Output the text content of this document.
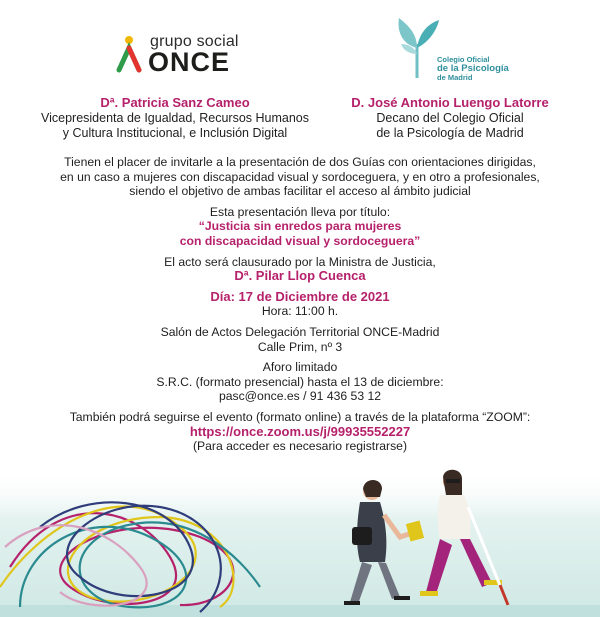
grupo social
ONCE	Colegio Oficial
de la Psicología
de Madrid
Dª. Patricia Sanz Cameo
Vicepresidenta de Igualdad, Recursos Humanos
y Cultura Institucional, e Inclusión Digital
D. José Antonio Luengo Latorre
Decano del Colegio Oficial
de la Psicología de Madrid

Tienen el placer de invitarle a la presentación de dos Guías con orientaciones dirigidas,

en un caso a mujeres con discapacidad visual y sordoceguera, y en otro a profesionales,

siendo el objetivo de ambas facilitar el acceso al ámbito judicial

Esta presentación lleva por título:

“Justicia sin enredos para mujeres

con discapacidad visual y sordoceguera”

El acto será clausurado por la Ministra de Justicia,

Dª. Pilar Llop Cuenca

Día: 17 de Diciembre de 2021

Hora: 11:00 h.

Salón de Actos Delegación Territorial ONCE-Madrid

Calle Prim, nº 3

Aforo limitado

S.R.C. (formato presencial) hasta el 13 de diciembre:

pasc@once.es / 91 436 53 12

También podrá seguirse el evento (formato online) a través de la plataforma “ZOOM”:

https://once.zoom.us/j/99935552227

(Para acceder es necesario registrarse)
